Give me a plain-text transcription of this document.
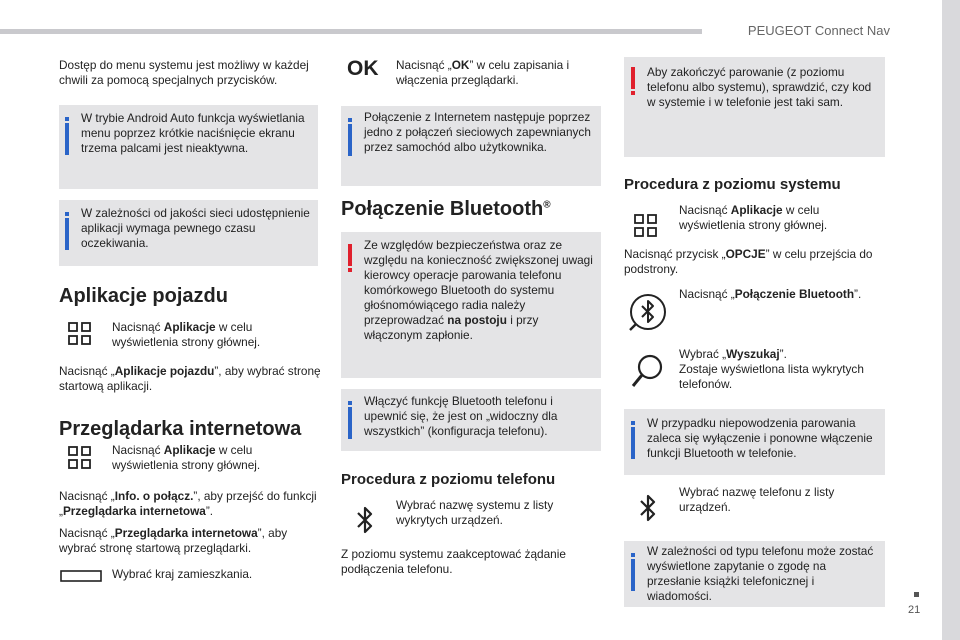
PEUGEOT Connect Nav
21

Dostęp do menu systemu jest możliwy w każdej chwili za pomocą specjalnych przycisków.

W trybie Android Auto funkcja wyświetlania menu poprzez krótkie naciśnięcie ekranu trzema palcami jest nieaktywna.
W zależności od jakości sieci udostępnienie aplikacji wymaga pewnego czasu oczekiwania.
Aplikacje pojazdu

Nacisnąć Aplikacje w celu wyświetlenia strony głównej.

Nacisnąć „Aplikacje pojazdu”, aby wybrać stronę startową aplikacji.

Przeglądarka internetowa

Nacisnąć Aplikacje w celu wyświetlenia strony głównej.

Nacisnąć „Info. o połącz.”, aby przejść do funkcji „Przeglądarka internetowa”.

Nacisnąć „Przeglądarka internetowa”, aby wybrać stronę startową przeglądarki.

Wybrać kraj zamieszkania.

OK Nacisnąć „OK” w celu zapisania i włączenia przeglądarki.

Połączenie z Internetem następuje poprzez jedno z połączeń sieciowych zapewnianych przez samochód albo użytkownika.
Połączenie Bluetooth®
Ze względów bezpieczeństwa oraz ze względu na konieczność zwiększonej uwagi kierowcy operacje parowania telefonu komórkowego Bluetooth do systemu głośnomówiącego radia należy przeprowadzać na postoju i przy włączonym zapłonie.
Włączyć funkcję Bluetooth telefonu i upewnić się, że jest on „widoczny dla wszystkich” (konfiguracja telefonu).
Procedura z poziomu telefonu

Wybrać nazwę systemu z listy wykrytych urządzeń.

Z poziomu systemu zaakceptować żądanie podłączenia telefonu.

Aby zakończyć parowanie (z poziomu telefonu albo systemu), sprawdzić, czy kod w systemie i w telefonie jest taki sam.
Procedura z poziomu systemu

Nacisnąć Aplikacje w celu wyświetlenia strony głównej.

Nacisnąć przycisk „OPCJE” w celu przejścia do podstrony.

Nacisnąć „Połączenie Bluetooth”.

Wybrać „Wyszukaj”.
Zostaje wyświetlona lista wykrytych telefonów.

W przypadku niepowodzenia parowania zaleca się wyłączenie i ponowne włączenie funkcji Bluetooth w telefonie.

Wybrać nazwę telefonu z listy urządzeń.

W zależności od typu telefonu może zostać wyświetlone zapytanie o zgodę na przesłanie książki telefonicznej i wiadomości.
